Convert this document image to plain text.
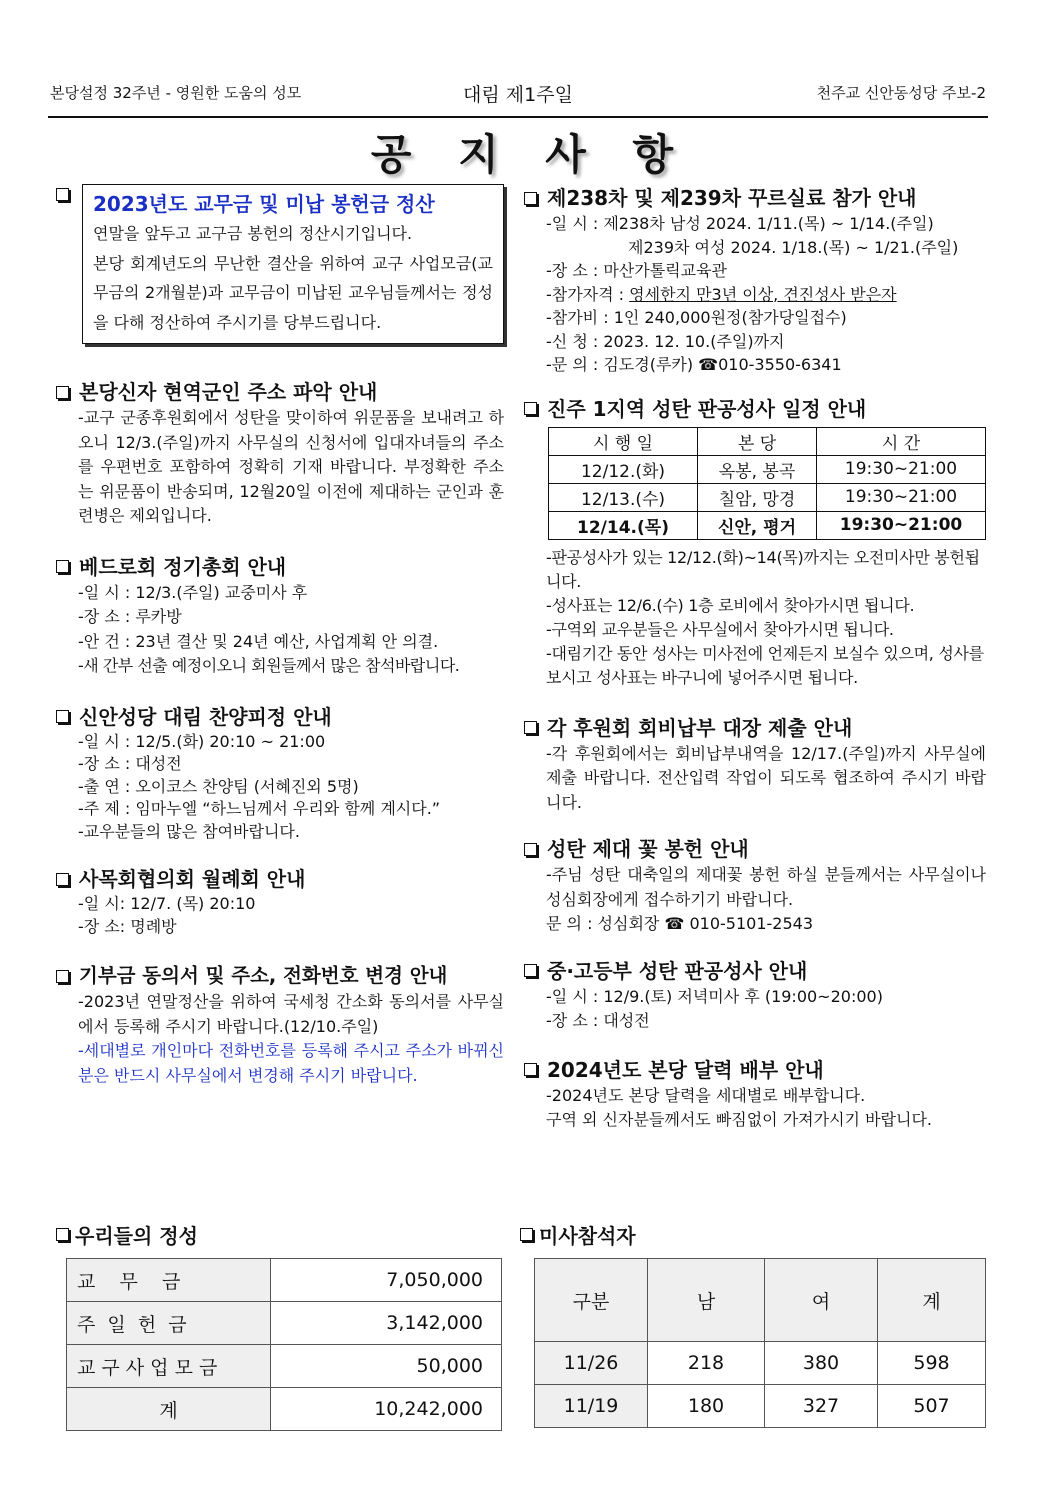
본당설정 32주년 - 영원한 도움의 성모	대림 제1주일	천주교 신안동성당 주보-2
공 지 사 항
2023년도 교무금 및 미납 봉헌금 정산
연말을 앞두고 교구금 봉헌의 정산시기입니다.
본당 회계년도의 무난한 결산을 위하여 교구 사업모금(교무금의 2개월분)과 교무금이 미납된 교우님들께서는 정성을 다해 정산하여 주시기를 당부드립니다.
본당신자 현역군인 주소 파악 안내
-교구 군종후원회에서 성탄을 맞이하여 위문품을 보내려고 하오니 12/3.(주일)까지 사무실의 신청서에 입대자녀들의 주소를 우편번호 포함하여 정확히 기재 바랍니다. 부정확한 주소는 위문품이 반송되며, 12월20일 이전에 제대하는 군인과 훈련병은 제외입니다.
베드로회 정기총회 안내

-일 시 : 12/3.(주일) 교중미사 후

-장 소 : 루카방

-안 건 : 23년 결산 및 24년 예산, 사업계획 안 의결.

-새 간부 선출 예정이오니 회원들께서 많은 참석바랍니다.

신안성당 대림 찬양피정 안내

-일 시 : 12/5.(화) 20:10 ~ 21:00

-장 소 : 대성전

-출 연 : 오이코스 찬양팀 (서혜진외 5명)

-주 제 : 임마누엘 “하느님께서 우리와 함께 계시다.”

-교우분들의 많은 참여바랍니다.

사목회협의회 월례회 안내

-일 시: 12/7. (목) 20:10

-장 소: 명례방

기부금 동의서 및 주소, 전화번호 변경 안내

-2023년 연말정산을 위하여 국세청 간소화 동의서를 사무실에서 등록해 주시기 바랍니다.(12/10.주일)

-세대별로 개인마다 전화번호를 등록해 주시고 주소가 바뀌신 분은 반드시 사무실에서 변경해 주시기 바랍니다.

제238차 및 제239차 꾸르실료 참가 안내

-일 시 : 제238차 남성 2024. 1/11.(목) ~ 1/14.(주일)

제239차 여성 2024. 1/18.(목) ~ 1/21.(주일)

-장 소 : 마산가톨릭교육관

-참가자격 : 영세한지 만3년 이상, 견진성사 받은자

-참가비 : 1인 240,000원정(참가당일접수)

-신 청 : 2023. 12. 10.(주일)까지

-문 의 : 김도경(루카) ☎010-3550-6341

진주 1지역 성탄 판공성사 일정 안내
시 행 일	본 당	시 간
12/12.(화)	옥봉, 봉곡	19:30~21:00
12/13.(수)	칠암, 망경	19:30~21:00
12/14.(목)	신안, 평거	19:30~21:00

-판공성사가 있는 12/12.(화)~14(목)까지는 오전미사만 봉헌됩니다.

-성사표는 12/6.(수) 1층 로비에서 찾아가시면 됩니다.

-구역외 교우분들은 사무실에서 찾아가시면 됩니다.

-대림기간 동안 성사는 미사전에 언제든지 보실수 있으며, 성사를 보시고 성사표는 바구니에 넣어주시면 됩니다.

각 후원회 회비납부 대장 제출 안내
-각 후원회에서는 회비납부내역을 12/17.(주일)까지 사무실에 제출 바랍니다. 전산입력 작업이 되도록 협조하여 주시기 바랍니다.
성탄 제대 꽃 봉헌 안내

-주님 성탄 대축일의 제대꽃 봉헌 하실 분들께서는 사무실이나 성심회장에게 접수하기기 바랍니다.

문 의 : 성심회장 ☎ 010-5101-2543

중·고등부 성탄 판공성사 안내

-일 시 : 12/9.(토) 저녁미사 후 (19:00~20:00)

-장 소 : 대성전

2024년도 본당 달력 배부 안내

-2024년도 본당 달력을 세대별로 배부합니다.

구역 외 신자분들께서도 빠짐없이 가져가시기 바랍니다.

우리들의 정성
교    무    금	7,050,000
주  일  헌  금	3,142,000
교 구 사 업 모 금	50,000
계	10,242,000
미사참석자
구분	남	여	계
11/26	218	380	598
11/19	180	327	507
